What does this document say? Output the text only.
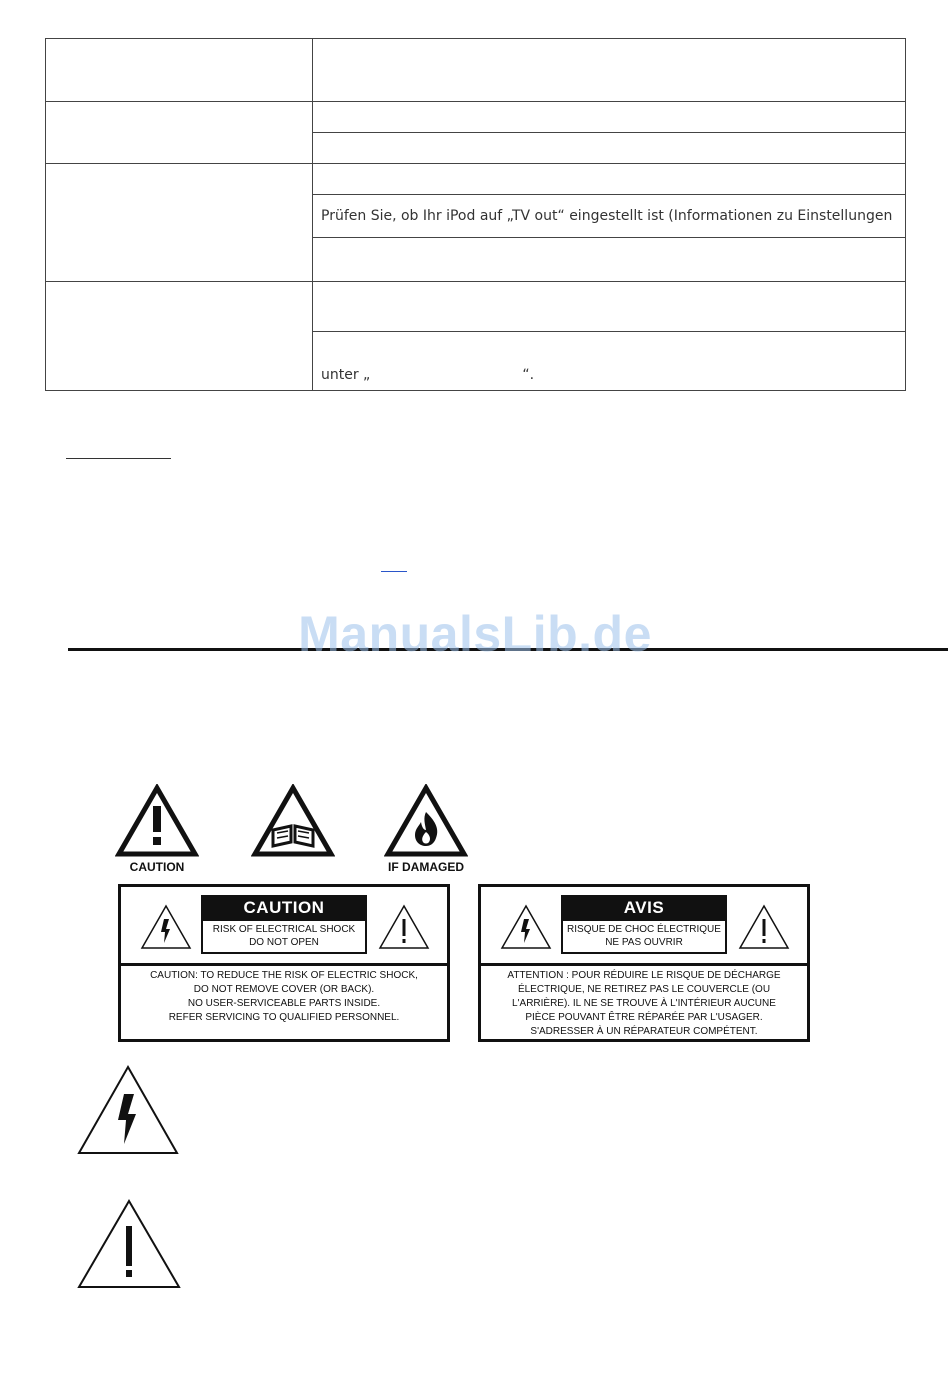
	Prüfen Sie, ob Ihr iPod auf „TV out“ eingestellt ist (Informationen zu Einstellungen

	unter „ “.
ManualsLib.de
CAUTION	IF DAMAGED
CAUTION
RISK OF ELECTRICAL SHOCK
DO NOT OPEN
CAUTION: TO REDUCE THE RISK OF ELECTRIC SHOCK,
DO NOT REMOVE COVER (OR BACK).
NO USER-SERVICEABLE PARTS INSIDE.
REFER SERVICING TO QUALIFIED PERSONNEL.
AVIS
RISQUE DE CHOC ÉLECTRIQUE
NE PAS OUVRIR
ATTENTION : POUR RÉDUIRE LE RISQUE DE DÉCHARGE
ÉLECTRIQUE, NE RETIREZ PAS LE COUVERCLE (OU
L'ARRIÈRE). IL NE SE TROUVE À L'INTÉRIEUR AUCUNE
PIÈCE POUVANT ÊTRE RÉPARÉE PAR L'USAGER.
S'ADRESSER À UN RÉPARATEUR COMPÉTENT.
